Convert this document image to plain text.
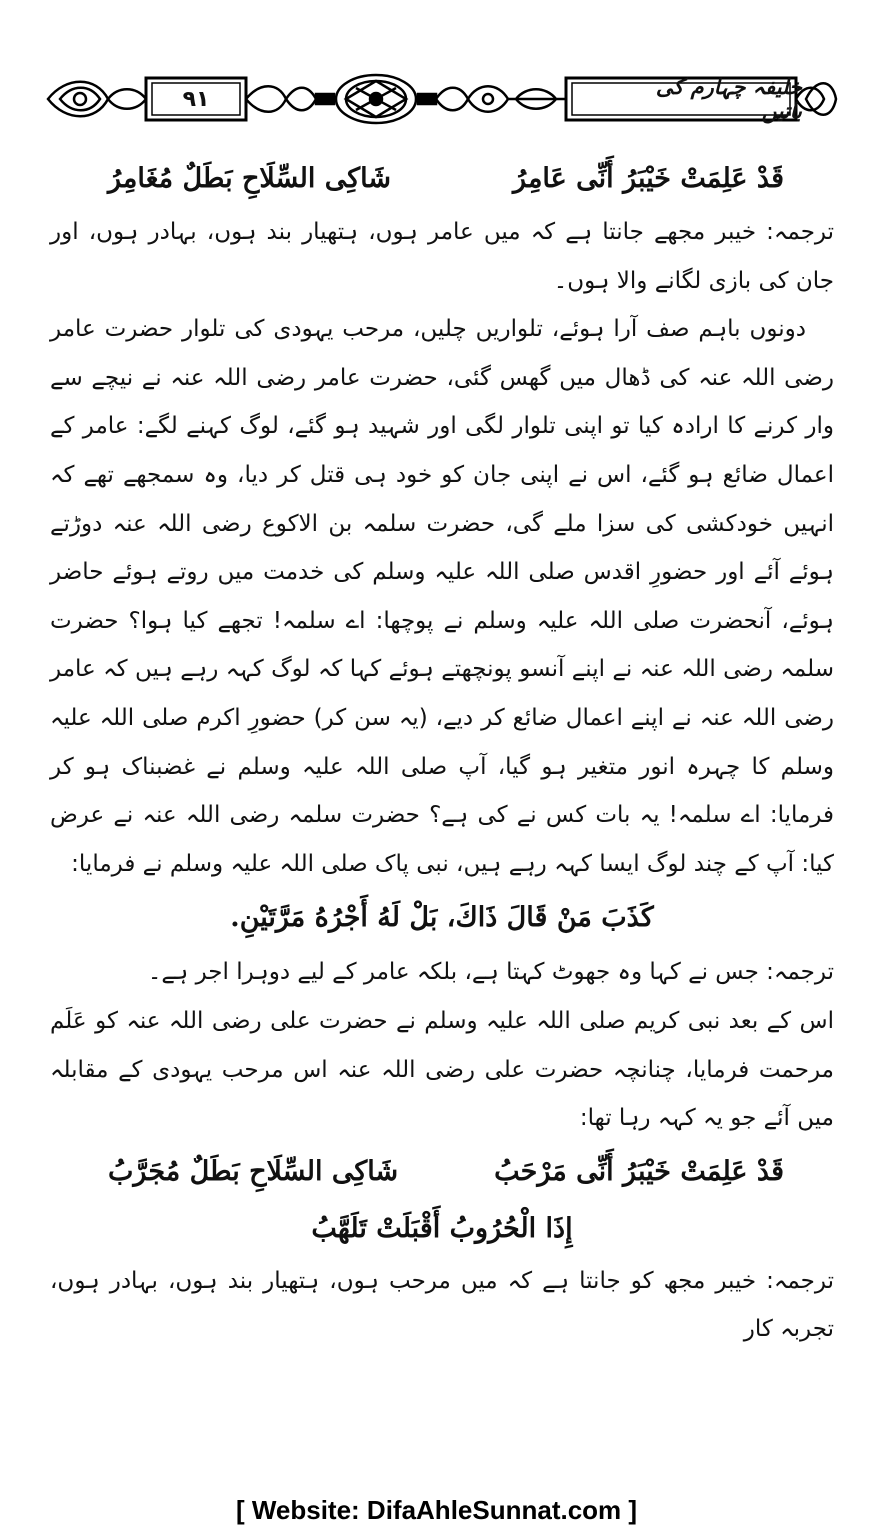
۹۱	خلیفہ چہارم کی باتیں
قَدْ عَلِمَتْ خَيْبَرُ أَنِّی عَامِرُ
شَاكِی السِّلَاحِ بَطَلٌ مُغَامِرُ

ترجمہ: خیبر مجھے جانتا ہے کہ میں عامر ہوں، ہتھیار بند ہوں، بہادر ہوں، اور جان کی بازی لگانے والا ہوں۔

دونوں باہم صف آرا ہوئے، تلواریں چلیں، مرحب یہودی کی تلوار حضرت عامر رضی اللہ عنہ کی ڈھال میں گھس گئی، حضرت عامر رضی اللہ عنہ نے نیچے سے وار کرنے کا ارادہ کیا تو اپنی تلوار لگی اور شہید ہو گئے، لوگ کہنے لگے: عامر کے اعمال ضائع ہو گئے، اس نے اپنی جان کو خود ہی قتل کر دیا، وہ سمجھے تھے کہ انہیں خودکشی کی سزا ملے گی، حضرت سلمہ بن الاکوع رضی اللہ عنہ دوڑتے ہوئے آئے اور حضورِ اقدس صلی اللہ علیہ وسلم کی خدمت میں روتے ہوئے حاضر ہوئے، آنحضرت صلی اللہ علیہ وسلم نے پوچھا: اے سلمہ! تجھے کیا ہوا؟ حضرت سلمہ رضی اللہ عنہ نے اپنے آنسو پونچھتے ہوئے کہا کہ لوگ کہہ رہے ہیں کہ عامر رضی اللہ عنہ نے اپنے اعمال ضائع کر دیے، (یہ سن کر) حضورِ اکرم صلی اللہ علیہ وسلم کا چہرہ انور متغیر ہو گیا، آپ صلی اللہ علیہ وسلم نے غضبناک ہو کر فرمایا: اے سلمہ! یہ بات کس نے کی ہے؟ حضرت سلمہ رضی اللہ عنہ نے عرض کیا: آپ کے چند لوگ ایسا کہہ رہے ہیں، نبی پاک صلی اللہ علیہ وسلم نے فرمایا:

كَذَبَ مَنْ قَالَ ذَاكَ، بَلْ لَهُ أَجْرُهُ مَرَّتَيْنِ.

ترجمہ: جس نے کہا وہ جھوٹ کہتا ہے، بلکہ عامر کے لیے دوہرا اجر ہے۔

اس کے بعد نبی کریم صلی اللہ علیہ وسلم نے حضرت علی رضی اللہ عنہ کو عَلَم مرحمت فرمایا، چنانچہ حضرت علی رضی اللہ عنہ اس مرحب یہودی کے مقابلہ میں آئے جو یہ کہہ رہا تھا:

قَدْ عَلِمَتْ خَيْبَرُ أَنِّی مَرْحَبُ
شَاكِی السِّلَاحِ بَطَلٌ مُجَرَّبُ
إِذَا الْحُرُوبُ أَقْبَلَتْ تَلَهَّبُ

ترجمہ: خیبر مجھ کو جانتا ہے کہ میں مرحب ہوں، ہتھیار بند ہوں، بہادر ہوں، تجربہ کار

[ Website: DifaAhleSunnat.com ]
